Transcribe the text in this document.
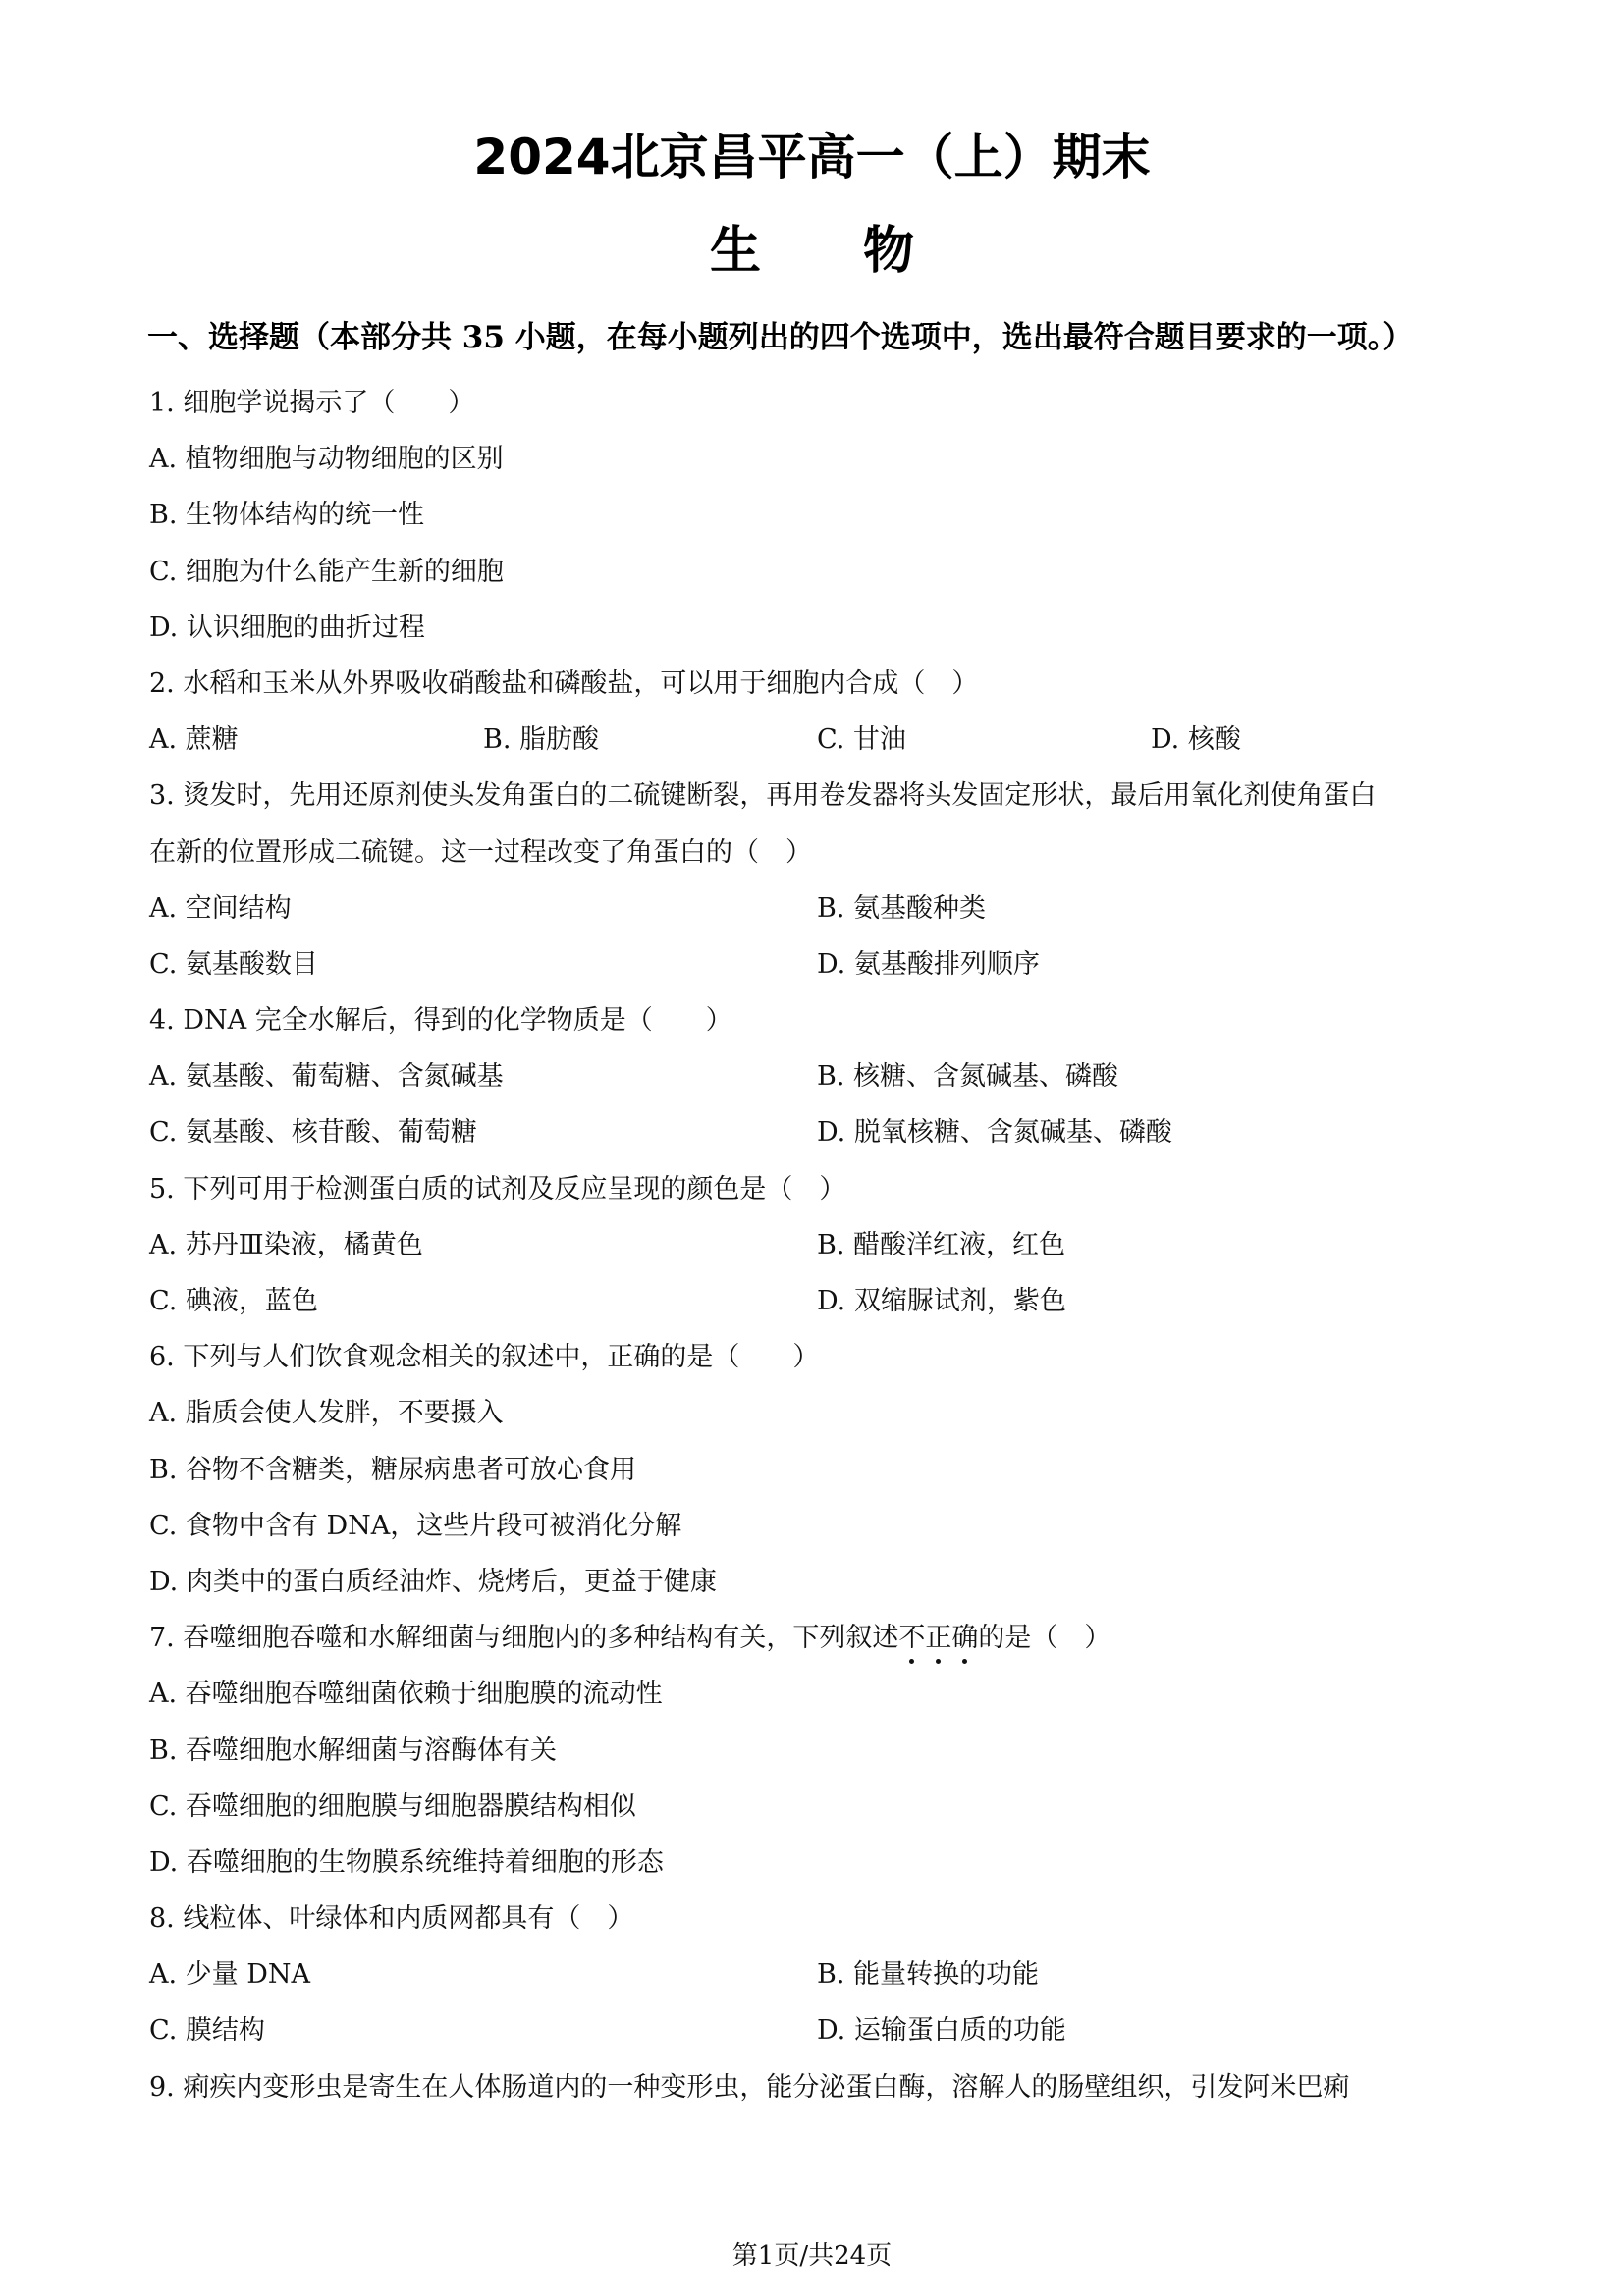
2024北京昌平高一（上）期末
生物
一、选择题（本部分共 35 小题，在每小题列出的四个选项中，选出最符合题目要求的一项。）
1. 细胞学说揭示了（　　）
A. 植物细胞与动物细胞的区别
B. 生物体结构的统一性
C. 细胞为什么能产生新的细胞
D. 认识细胞的曲折过程
2. 水稻和玉米从外界吸收硝酸盐和磷酸盐，可以用于细胞内合成（　）
A. 蔗糖	B. 脂肪酸	C. 甘油	D. 核酸
3. 烫发时，先用还原剂使头发角蛋白的二硫键断裂，再用卷发器将头发固定形状，最后用氧化剂使角蛋白
在新的位置形成二硫键。这一过程改变了角蛋白的（　）
A. 空间结构	B. 氨基酸种类
C. 氨基酸数目	D. 氨基酸排列顺序
4. DNA 完全水解后，得到的化学物质是（　　）
A. 氨基酸、葡萄糖、含氮碱基	B. 核糖、含氮碱基、磷酸
C. 氨基酸、核苷酸、葡萄糖	D. 脱氧核糖、含氮碱基、磷酸
5. 下列可用于检测蛋白质的试剂及反应呈现的颜色是（　）
A. 苏丹Ⅲ染液，橘黄色	B. 醋酸洋红液，红色
C. 碘液，蓝色	D. 双缩脲试剂，紫色
6. 下列与人们饮食观念相关的叙述中，正确的是（　　）
A. 脂质会使人发胖，不要摄入
B. 谷物不含糖类，糖尿病患者可放心食用
C. 食物中含有 DNA，这些片段可被消化分解
D. 肉类中的蛋白质经油炸、烧烤后，更益于健康
7. 吞噬细胞吞噬和水解细菌与细胞内的多种结构有关，下列叙述不正确
的是（　）
A. 吞噬细胞吞噬细菌依赖于细胞膜的流动性
B. 吞噬细胞水解细菌与溶酶体有关
C. 吞噬细胞的细胞膜与细胞器膜结构相似
D. 吞噬细胞的生物膜系统维持着细胞的形态
8. 线粒体、叶绿体和内质网都具有（　）
A. 少量 DNA	B. 能量转换的功能
C. 膜结构	D. 运输蛋白质的功能
9. 痢疾内变形虫是寄生在人体肠道内的一种变形虫，能分泌蛋白酶，溶解人的肠壁组织，引发阿米巴痢
第1页/共24页
